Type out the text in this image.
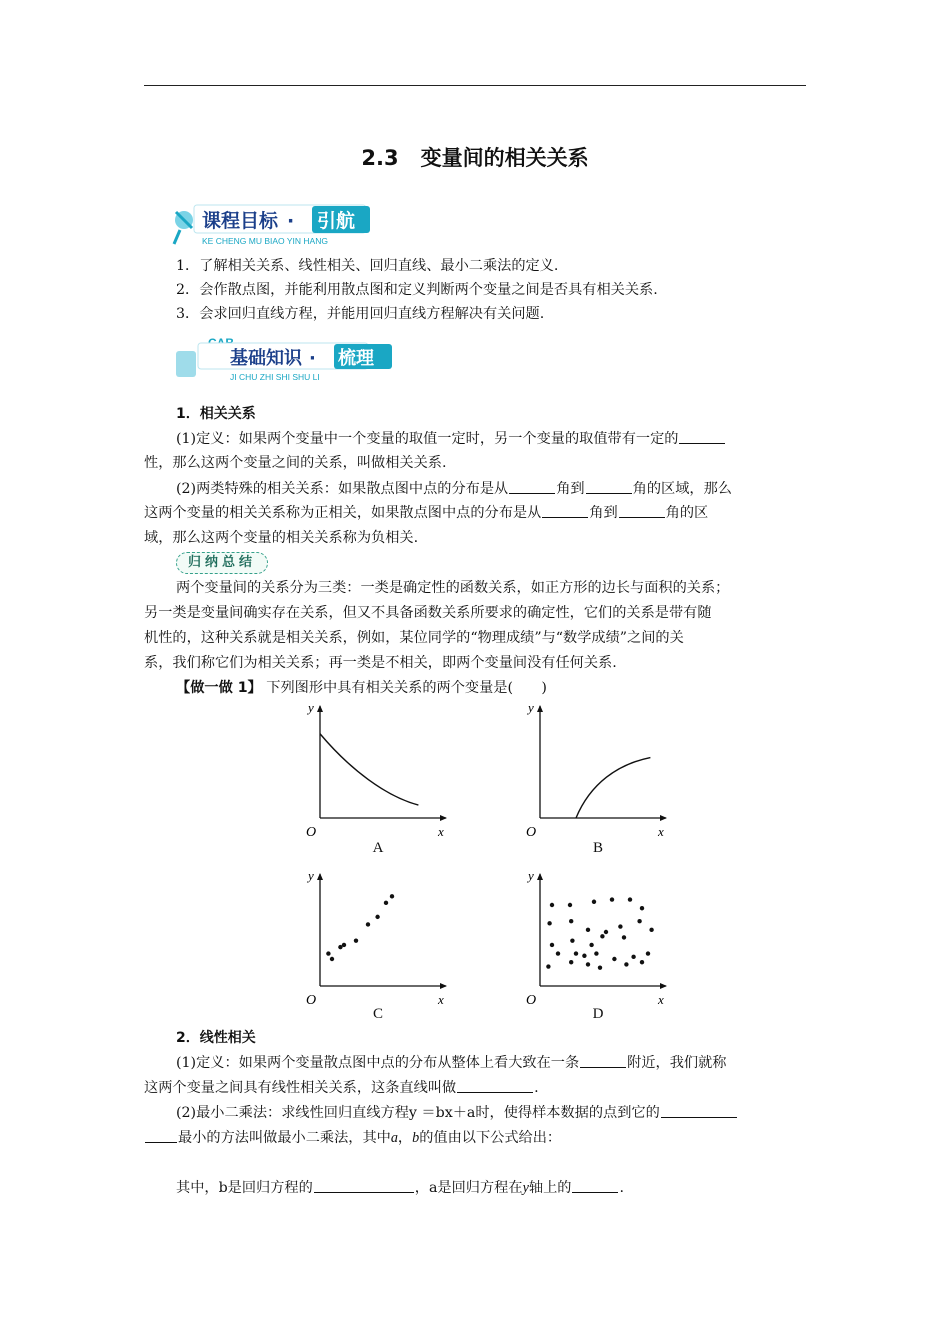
2.3 变量间的相关关系
课程目标 · 引航
KE CHENG MU BIAO YIN HANG
1．了解相关关系、线性相关、回归直线、最小二乘法的定义.
2．会作散点图，并能利用散点图和定义判断两个变量之间是否具有相关关系.
3．会求回归直线方程，并能用回归直线方程解决有关问题.
基础知识 · 梳理
JI CHU ZHI SHI SHU LI
1．相关关系
(1)定义：如果两个变量中一个变量的取值一定时，另一个变量的取值带有一定的
性，那么这两个变量之间的关系，叫做相关关系.
(2)两类特殊的相关关系：如果散点图中点的分布是从	角到	角的区域，那么
这两个变量的相关关系称为正相关，如果散点图中点的分布是从	角到	角的区
域，那么这两个变量的相关关系称为负相关.
归纳总结
两个变量间的关系分为三类：一类是确定性的函数关系，如正方形的边长与面积的关系；
另一类是变量间确实存在关系，但又不具备函数关系所要求的确定性，它们的关系是带有随
机性的，这种关系就是相关关系，例如，某位同学的“物理成绩”与“数学成绩”之间的关
系，我们称它们为相关关系；再一类是不相关，即两个变量间没有任何关系.
【做一做 1】 下列图形中具有相关关系的两个变量是(　　)
y
x
O
y
x
O
y
x
O
y
x
O
A	B
C	D
2．线性相关
(1)定义：如果两个变量散点图中点的分布从整体上看大致在一条	附近，我们就称
这两个变量之间具有线性相关关系，这条直线叫做	.
(2)最小二乘法：求线性回归直线方程y ＝bx＋a时，使得样本数据的点到它的
最小的方法叫做最小二乘法，其中a，b的值由以下公式给出：
其中，b是回归方程的	，a是回归方程在y轴上的	.
